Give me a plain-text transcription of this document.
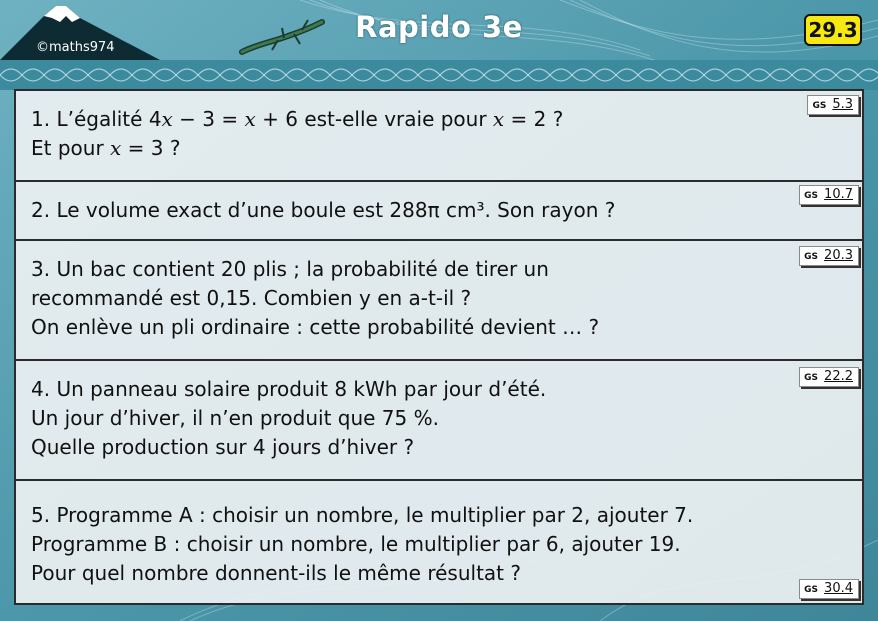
©maths974
Rapido 3e	29.3
GS 5.3
1. L’égalité 4𝑥 − 3 = 𝑥 + 6 est-elle vraie pour 𝑥 = 2 ?
Et pour 𝑥 = 3 ?
GS 10.7
2. Le volume exact d’une boule est 288π cm³. Son rayon ?
GS 20.3
3. Un bac contient 20 plis ; la probabilité de tirer un
recommandé est 0,15. Combien y en a-t-il ?
On enlève un pli ordinaire : cette probabilité devient … ?
GS 22.2
4. Un panneau solaire produit 8 kWh par jour d’été.
Un jour d’hiver, il n’en produit que 75 %.
Quelle production sur 4 jours d’hiver ?
GS 30.4
5. Programme A : choisir un nombre, le multiplier par 2, ajouter 7.
Programme B : choisir un nombre, le multiplier par 6, ajouter 19.
Pour quel nombre donnent-ils le même résultat ?
